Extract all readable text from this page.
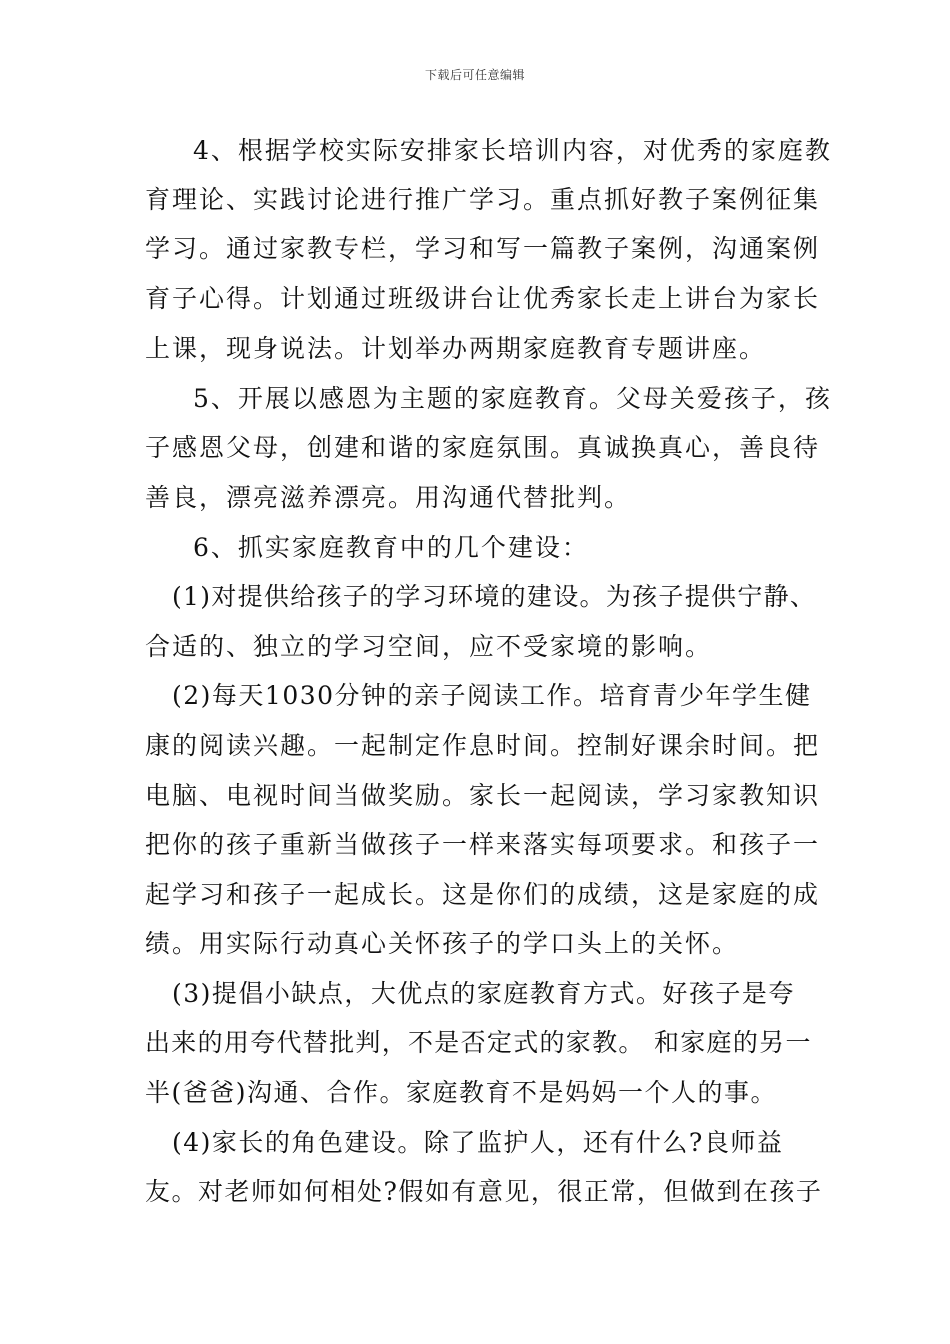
下载后可任意编辑
4、根据学校实际安排家长培训内容，对优秀的家庭教
育理论、实践讨论进行推广学习。重点抓好教子案例征集
学习。通过家教专栏，学习和写一篇教子案例，沟通案例
育子心得。计划通过班级讲台让优秀家长走上讲台为家长
上课，现身说法。计划举办两期家庭教育专题讲座。
5、开展以感恩为主题的家庭教育。父母关爱孩子，孩
子感恩父母，创建和谐的家庭氛围。真诚换真心，善良待
善良，漂亮滋养漂亮。用沟通代替批判。
6、抓实家庭教育中的几个建设：
(1)对提供给孩子的学习环境的建设。为孩子提供宁静、
合适的、独立的学习空间，应不受家境的影响。
(2)每天1030分钟的亲子阅读工作。培育青少年学生健
康的阅读兴趣。一起制定作息时间。控制好课余时间。把
电脑、电视时间当做奖励。家长一起阅读，学习家教知识
把你的孩子重新当做孩子一样来落实每项要求。和孩子一
起学习和孩子一起成长。这是你们的成绩，这是家庭的成
绩。用实际行动真心关怀孩子的学口头上的关怀。
(3)提倡小缺点，大优点的家庭教育方式。好孩子是夸
出来的用夸代替批判，不是否定式的家教。 和家庭的另一
半(爸爸)沟通、合作。家庭教育不是妈妈一个人的事。
(4)家长的角色建设。除了监护人，还有什么?良师益
友。对老师如何相处?假如有意见，很正常，但做到在孩子
